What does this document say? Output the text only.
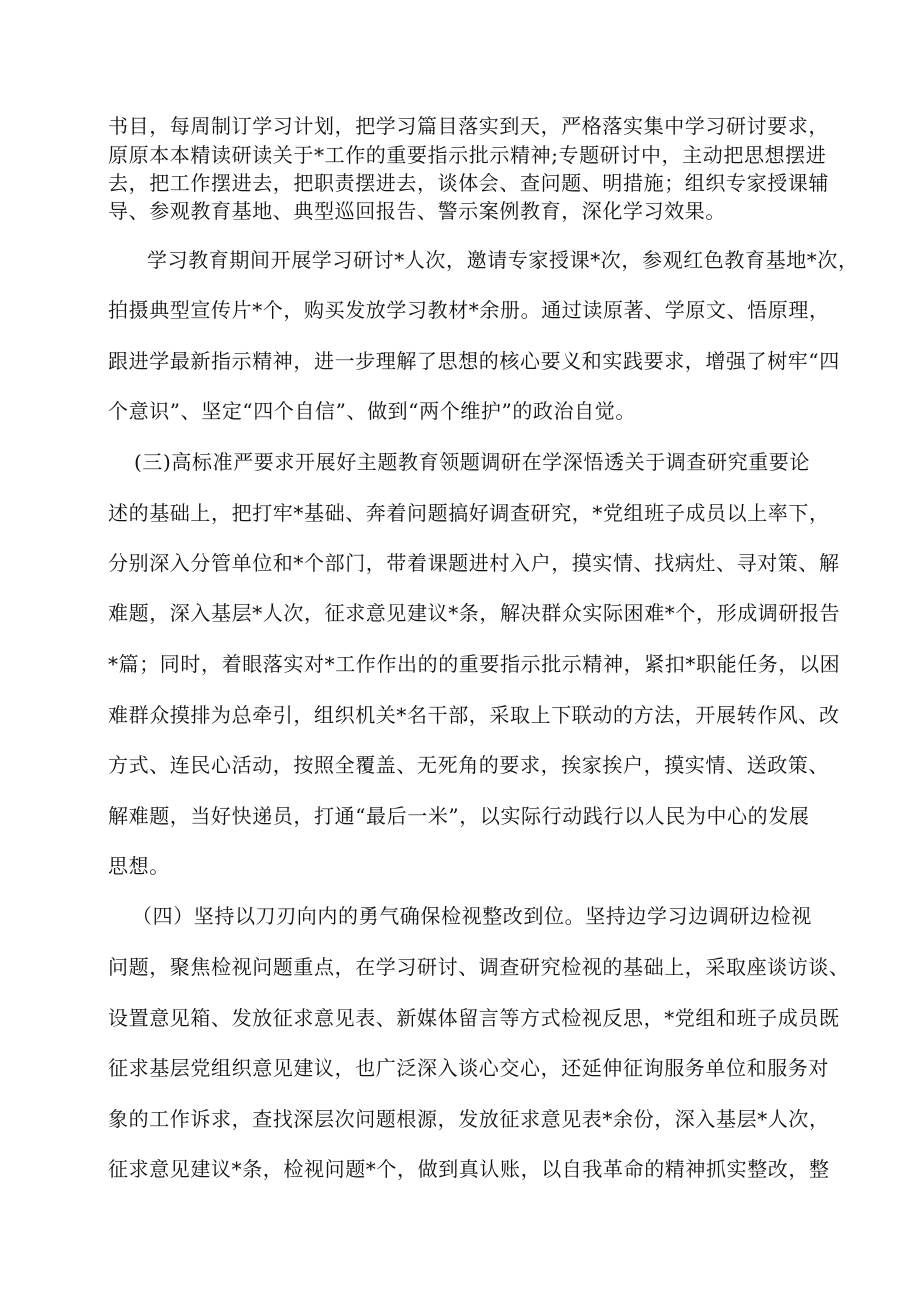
书目，每周制订学习计划，把学习篇目落实到天，严格落实集中学习研讨要求，
原原本本精读研读关于*工作的重要指示批示精神;专题研讨中，主动把思想摆进
去，把工作摆进去，把职责摆进去，谈体会、查问题、明措施；组织专家授课辅
导、参观教育基地、典型巡回报告、警示案例教育，深化学习效果。
学习教育期间开展学习研讨*人次，邀请专家授课*次，参观红色教育基地*次，
拍摄典型宣传片*个，购买发放学习教材*余册。通过读原著、学原文、悟原理，
跟进学最新指示精神，进一步理解了思想的核心要义和实践要求，增强了树牢“四
个意识”、坚定“四个自信”、做到“两个维护”的政治自觉。
(三)高标准严要求开展好主题教育领题调研在学深悟透关于调查研究重要论
述的基础上，把打牢*基础、奔着问题搞好调查研究，*党组班子成员以上率下，
分别深入分管单位和*个部门，带着课题进村入户，摸实情、找病灶、寻对策、解
难题，深入基层*人次，征求意见建议*条，解决群众实际困难*个，形成调研报告
*篇；同时，着眼落实对*工作作出的的重要指示批示精神，紧扣*职能任务，以困
难群众摸排为总牵引，组织机关*名干部，采取上下联动的方法，开展转作风、改
方式、连民心活动，按照全覆盖、无死角的要求，挨家挨户，摸实情、送政策、
解难题，当好快递员，打通“最后一米”，以实际行动践行以人民为中心的发展
思想。
（四）坚持以刀刃向内的勇气确保检视整改到位。坚持边学习边调研边检视
问题，聚焦检视问题重点，在学习研讨、调查研究检视的基础上，采取座谈访谈、
设置意见箱、发放征求意见表、新媒体留言等方式检视反思，*党组和班子成员既
征求基层党组织意见建议，也广泛深入谈心交心，还延伸征询服务单位和服务对
象的工作诉求，查找深层次问题根源，发放征求意见表*余份，深入基层*人次，
征求意见建议*条，检视问题*个，做到真认账，以自我革命的精神抓实整改，整
